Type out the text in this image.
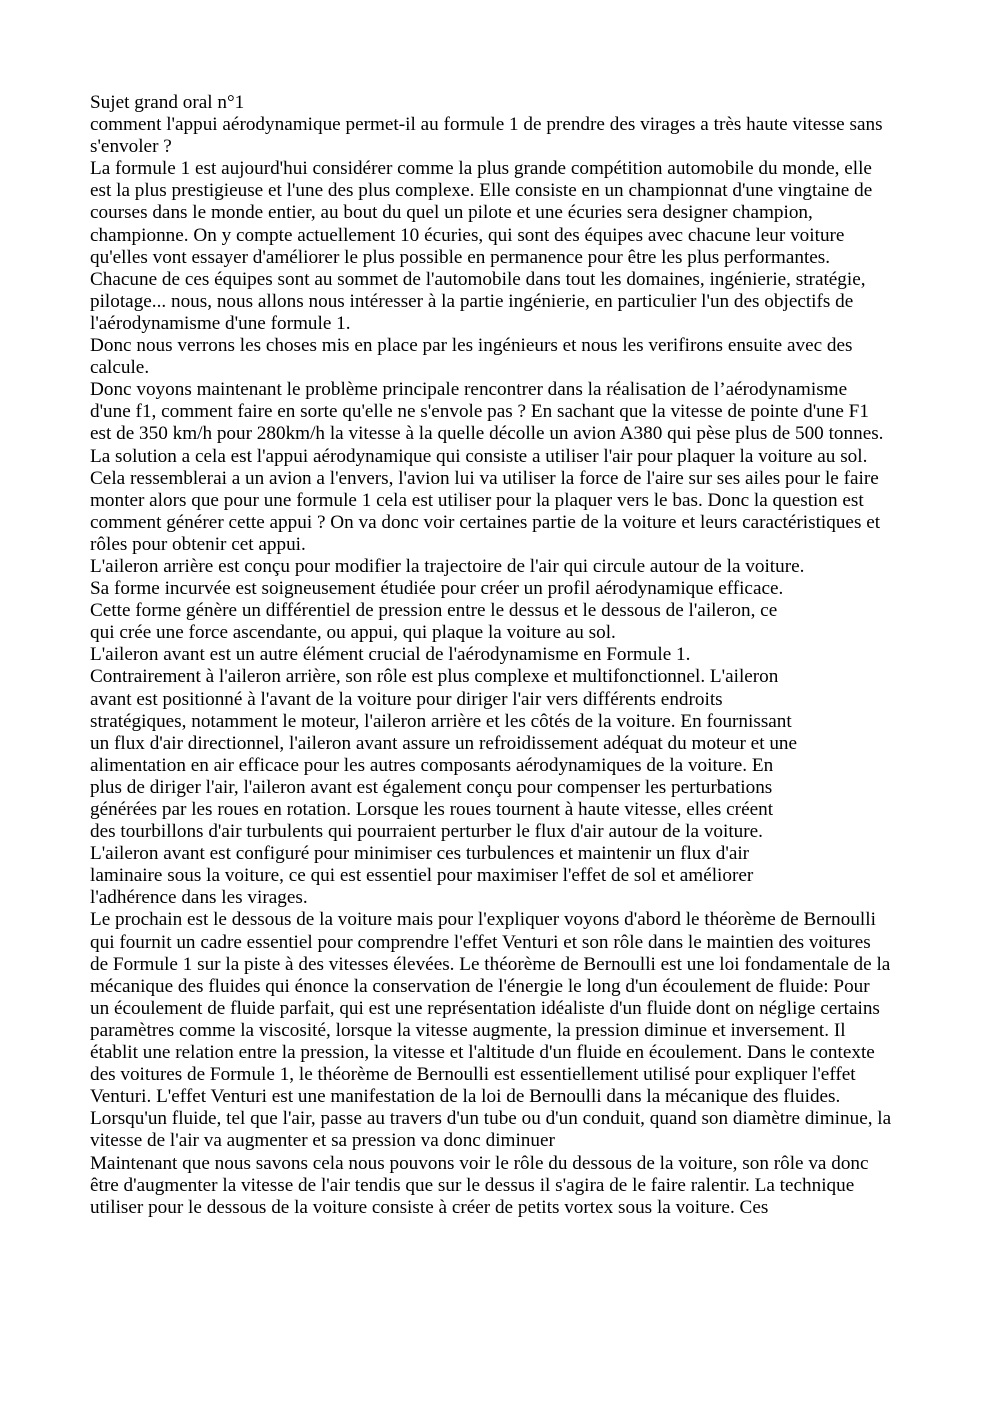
Sujet grand oral n°1

comment l'appui aérodynamique permet-il au formule 1 de prendre des virages a très haute vitesse sans s'envoler ?

La formule 1 est aujourd'hui considérer comme la plus grande compétition automobile du monde, elle est la plus prestigieuse et l'une des plus complexe. Elle consiste en un championnat d'une vingtaine de courses dans le monde entier, au bout du quel un pilote et une écuries sera designer champion, championne. On y compte actuellement 10 écuries, qui sont des équipes avec chacune leur voiture qu'elles vont essayer d'améliorer le plus possible en permanence pour être les plus performantes. Chacune de ces équipes sont au sommet de l'automobile dans tout les domaines, ingénierie, stratégie, pilotage... nous, nous allons nous intéresser à la partie ingénierie, en particulier l'un des objectifs de l'aérodynamisme d'une formule 1.

Donc nous verrons les choses mis en place par les ingénieurs et nous les verifirons ensuite avec des calcule.

Donc voyons maintenant le problème principale rencontrer dans la réalisation de l’aérodynamisme d'une f1, comment faire en sorte qu'elle ne s'envole pas ? En sachant que la vitesse de pointe d'une F1 est de 350 km/h pour 280km/h la vitesse à la quelle décolle un avion A380 qui pèse plus de 500 tonnes. La solution a cela est l'appui aérodynamique qui consiste a utiliser l'air pour plaquer la voiture au sol. Cela ressemblerai a un avion a l'envers, l'avion lui va utiliser la force de l'aire sur ses ailes pour le faire monter alors que pour une formule 1 cela est utiliser pour la plaquer vers le bas. Donc la question est comment générer cette appui ? On va donc voir certaines partie de la voiture et leurs caractéristiques et rôles pour obtenir cet appui.

L'aileron arrière est conçu pour modifier la trajectoire de l'air qui circule autour de la voiture.

Sa forme incurvée est soigneusement étudiée pour créer un profil aérodynamique efficace.

Cette forme génère un différentiel de pression entre le dessus et le dessous de l'aileron, ce

qui crée une force ascendante, ou appui, qui plaque la voiture au sol.

L'aileron avant est un autre élément crucial de l'aérodynamisme en Formule 1.

Contrairement à l'aileron arrière, son rôle est plus complexe et multifonctionnel. L'aileron

avant est positionné à l'avant de la voiture pour diriger l'air vers différents endroits

stratégiques, notamment le moteur, l'aileron arrière et les côtés de la voiture. En fournissant

un flux d'air directionnel, l'aileron avant assure un refroidissement adéquat du moteur et une

alimentation en air efficace pour les autres composants aérodynamiques de la voiture. En

plus de diriger l'air, l'aileron avant est également conçu pour compenser les perturbations

générées par les roues en rotation. Lorsque les roues tournent à haute vitesse, elles créent

des tourbillons d'air turbulents qui pourraient perturber le flux d'air autour de la voiture.

L'aileron avant est configuré pour minimiser ces turbulences et maintenir un flux d'air

laminaire sous la voiture, ce qui est essentiel pour maximiser l'effet de sol et améliorer

l'adhérence dans les virages.

Le prochain est le dessous de la voiture mais pour l'expliquer voyons d'abord le théorème de Bernoulli qui fournit un cadre essentiel pour comprendre l'effet Venturi et son rôle dans le maintien des voitures de Formule 1 sur la piste à des vitesses élevées. Le théorème de Bernoulli est une loi fondamentale de la mécanique des fluides qui énonce la conservation de l'énergie le long d'un écoulement de fluide: Pour un écoulement de fluide parfait, qui est une représentation idéaliste d'un fluide dont on néglige certains paramètres comme la viscosité, lorsque la vitesse augmente, la pression diminue et inversement. Il établit une relation entre la pression, la vitesse et l'altitude d'un fluide en écoulement. Dans le contexte des voitures de Formule 1, le théorème de Bernoulli est essentiellement utilisé pour expliquer l'effet Venturi. L'effet Venturi est une manifestation de la loi de Bernoulli dans la mécanique des fluides. Lorsqu'un fluide, tel que l'air, passe au travers d'un tube ou d'un conduit, quand son diamètre diminue, la vitesse de l'air va augmenter et sa pression va donc diminuer

Maintenant que nous savons cela nous pouvons voir le rôle du dessous de la voiture, son rôle va donc être d'augmenter la vitesse de l'air tendis que sur le dessus il s'agira de le faire ralentir. La technique utiliser pour le dessous de la voiture consiste à créer de petits vortex sous la voiture. Ces
